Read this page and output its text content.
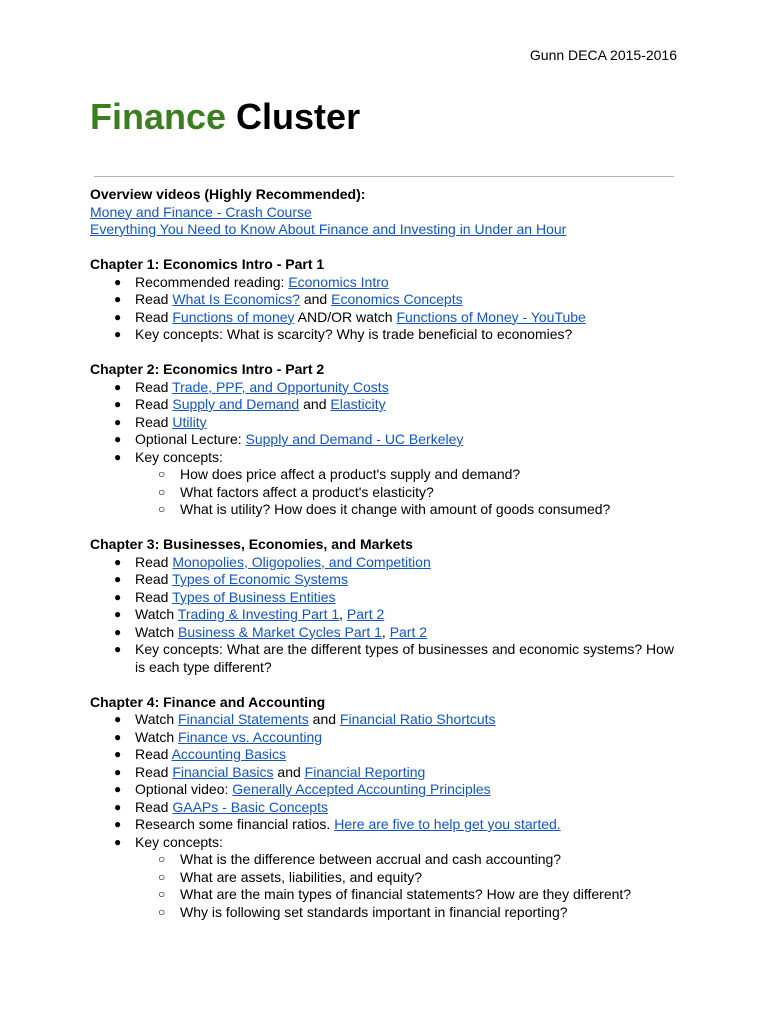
Gunn DECA 2015-2016
Finance Cluster
Overview videos (Highly Recommended):
Money and Finance - Crash Course
Everything You Need to Know About Finance and Investing in Under an Hour
Chapter 1: Economics Intro - Part 1
● Recommended reading: Economics Intro
● Read What Is Economics? and Economics Concepts
● Read Functions of money AND/OR watch Functions of Money - YouTube
● Key concepts: What is scarcity? Why is trade beneficial to economies?
Chapter 2: Economics Intro - Part 2
● Read Trade, PPF, and Opportunity Costs
● Read Supply and Demand and Elasticity
● Read Utility
● Optional Lecture: Supply and Demand - UC Berkeley
● Key concepts:
○ How does price affect a product's supply and demand?
○ What factors affect a product's elasticity?
○ What is utility? How does it change with amount of goods consumed?
Chapter 3: Businesses, Economies, and Markets
● Read Monopolies, Oligopolies, and Competition
● Read Types of Economic Systems
● Read Types of Business Entities
● Watch Trading & Investing Part 1, Part 2
● Watch Business & Market Cycles Part 1, Part 2
● Key concepts: What are the different types of businesses and economic systems? How is each type different?
Chapter 4: Finance and Accounting
● Watch Financial Statements and Financial Ratio Shortcuts
● Watch Finance vs. Accounting
● Read Accounting Basics
● Read Financial Basics and Financial Reporting
● Optional video: Generally Accepted Accounting Principles
● Read GAAPs - Basic Concepts
● Research some financial ratios. Here are five to help get you started.
● Key concepts:
○ What is the difference between accrual and cash accounting?
○ What are assets, liabilities, and equity?
○ What are the main types of financial statements? How are they different?
○ Why is following set standards important in financial reporting?
